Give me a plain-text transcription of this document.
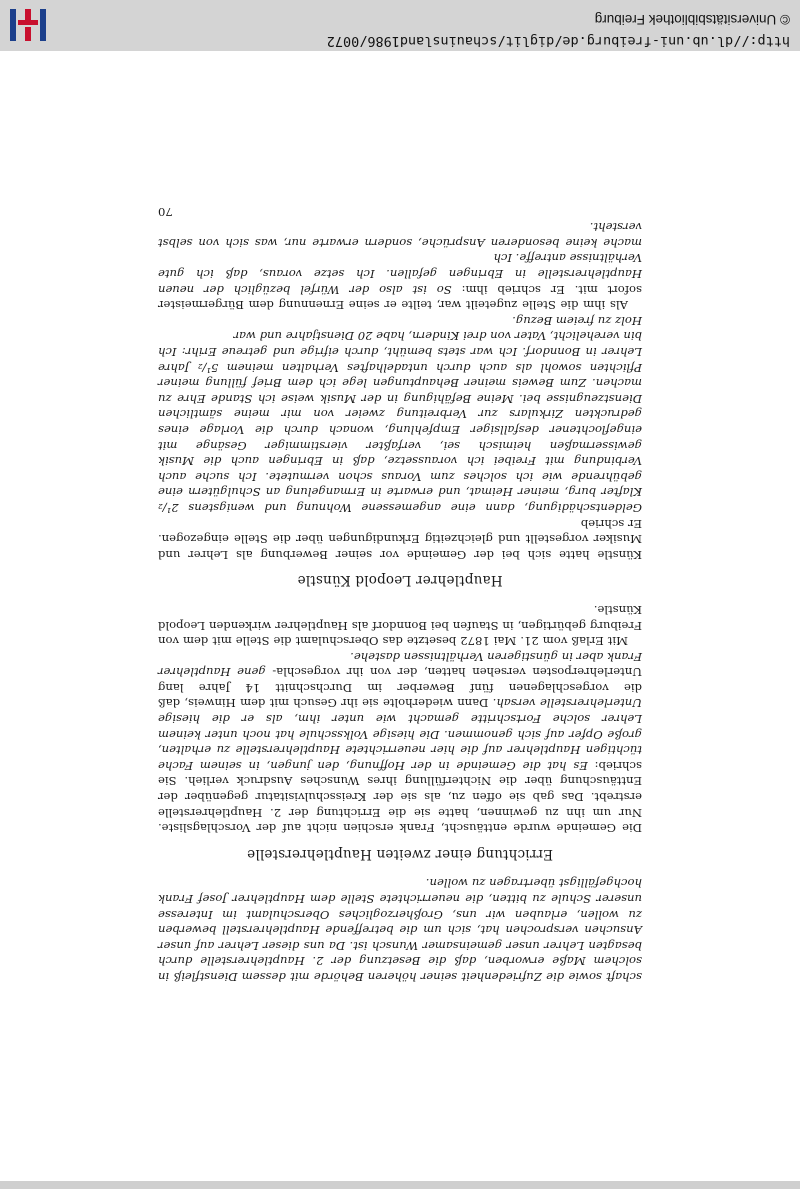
schaft sowie die Zufriedenheit seiner höheren Behörde mit dessem Dienstfleiß in solchem Maße erworben, daß die Besetzung der 2. Hauptlehrerstelle durch besagten Lehrer unser gemeinsamer Wunsch ist. Da uns dieser Lehrer auf unser Ansuchen versprochen hat, sich um die betreffende Hauptlehrerstell bewerben zu wollen, erlauben wir uns, Großherzogliches Oberschulamt im Interesse unserer Schule zu bitten, die neuerrichtete Stelle dem Hauptlehrer Josef Frank hochgefälligst übertragen zu wollen.

Errichtung einer zweiten Hauptlehrerstelle

Die Gemeinde wurde enttäuscht, Frank erschien nicht auf der Vorschlagsliste. Nur um ihn zu gewinnen, hatte sie die Errichtung der 2. Hauptlehrerstelle erstrebt. Das gab sie offen zu, als sie der Kreisschulvisitatur gegenüber der Enttäuschung über die Nichterfüllung ihres Wunsches Ausdruck verlieh. Sie schrieb: Es hat die Gemeinde in der Hoffnung, den jungen, in seinem Fache tüchtigen Hauptlehrer auf die hier neuerrichtete Hauptlehrerstelle zu erhalten, große Opfer auf sich genommen. Die hiesige Volksschule hat noch unter keinem Lehrer solche Fortschritte gemacht wie unter ihm, als er die hiesige Unterlehrerstelle versah. Dann wiederholte sie ihr Gesuch mit dem Hinweis, daß die vorgeschlagenen fünf Bewerber im Durchschnitt 14 Jahre lang Unterlehrerposten versehen hatten, der von ihr vorgeschla- gene Hauptlehrer Frank aber in günstigeren Verhältnissen dastehe.

Mit Erlaß vom 21. Mai 1872 besetzte das Oberschulamt die Stelle mit dem von Freiburg gebürtigen, in Staufen bei Bonndorf als Hauptlehrer wirkenden Leopold Künstle.

Hauptlehrer Leopold Künstle

Künstle hatte sich bei der Gemeinde vor seiner Bewerbung als Lehrer und Musiker vorgestellt und gleichzeitig Erkundigungen über die Stelle eingezogen. Er schrieb

Geldentschädigung, dann eine angemessene Wohnung und wenigstens 2¹/₂ Klafter burg, meiner Heimat, und erwarte in Ermangelung an Schulgütern eine gebührende wie ich solches zum Voraus schon vermutete. Ich suche auch Verbindung mit Freibei ich voraussetze, daß in Ebringen auch die Musik gewissermaßen heimisch sei, verfaßter vierstimmiger Gesänge mit eingeflochtener desfallsiger Empfehlung, wonach durch die Vorlage eines gedruckten Zirkulars zur Verbreitung zweier von mir meine sämtlichen Dienstzeugnisse bei. Meine Befähigung in der Musik weise ich Stande Ehre zu machen. Zum Beweis meiner Behauptungen lege ich dem Brief füllung meiner Pflichten sowohl als auch durch untadelhaftes Verhalten meinem 5¹/₂ Jahre Lehrer in Bonndorf. Ich war stets bemüht, durch eifrige und getreue Erihr: Ich bin verehelicht, Vater von drei Kindern, habe 20 Dienstjahre und war

Holz zu freiem Bezug.

Als ihm die Stelle zugeteilt war, teilte er seine Ernennung dem Bürgermeister sofort mit. Er schrieb ihm: So ist also der Würfel bezüglich der neuen Hauptlehrerstelle in Ebringen gefallen. Ich setze voraus, daß ich gute Verhältnisse antreffe. Ich

mache keine besonderen Ansprüche, sondern erwarte nur, was sich von selbst versteht.

70
http://dl.ub.uni-freiburg.de/diglit/schauinsland1986/0072
© Universitätsbibliothek Freiburg
